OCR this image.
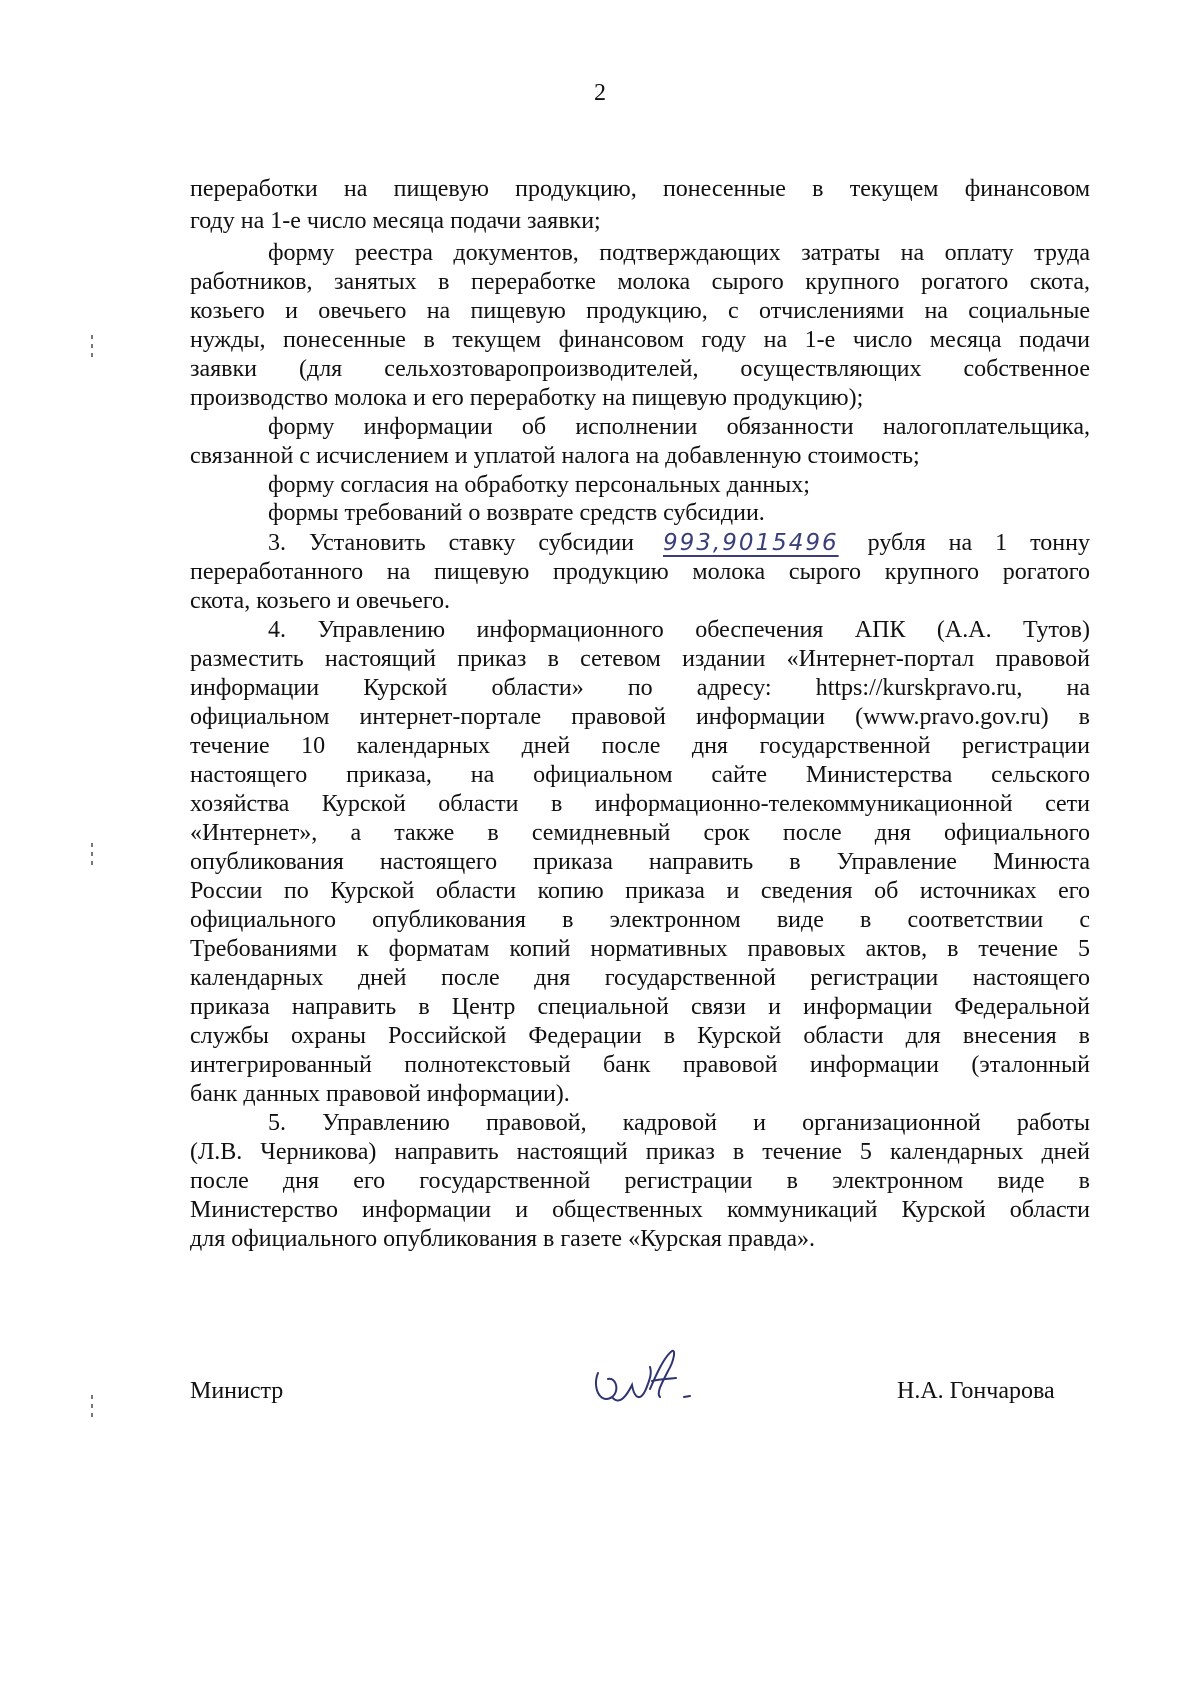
2
переработки на пищевую продукцию, понесенные в текущем финансовом
году на 1-е число месяца подачи заявки;
форму реестра документов, подтверждающих затраты на оплату труда
работников, занятых в переработке молока сырого крупного рогатого скота,
козьего и овечьего на пищевую продукцию, с отчислениями на социальные
нужды, понесенные в текущем финансовом году на 1-е число месяца подачи
заявки (для сельхозтоваропроизводителей, осуществляющих собственное
производство молока и его переработку на пищевую продукцию);
форму информации об исполнении обязанности налогоплательщика,
связанной с исчислением и уплатой налога на добавленную стоимость;
форму согласия на обработку персональных данных;
формы требований о возврате средств субсидии.
3. Установить ставку субсидии 993,9015496 рубля на 1 тонну
переработанного на пищевую продукцию молока сырого крупного рогатого
скота, козьего и овечьего.
4. Управлению информационного обеспечения АПК (А.А. Тутов)
разместить настоящий приказ в сетевом издании «Интернет-портал правовой
информации Курской области» по адресу: https://kurskpravo.ru, на
официальном интернет-портале правовой информации (www.pravo.gov.ru) в
течение 10 календарных дней после дня государственной регистрации
настоящего приказа, на официальном сайте Министерства сельского
хозяйства Курской области в информационно-телекоммуникационной сети
«Интернет», а также в семидневный срок после дня официального
опубликования настоящего приказа направить в Управление Минюста
России по Курской области копию приказа и сведения об источниках его
официального опубликования в электронном виде в соответствии с
Требованиями к форматам копий нормативных правовых актов, в течение 5
календарных дней после дня государственной регистрации настоящего
приказа направить в Центр специальной связи и информации Федеральной
службы охраны Российской Федерации в Курской области для внесения в
интегрированный полнотекстовый банк правовой информации (эталонный
банк данных правовой информации).
5. Управлению правовой, кадровой и организационной работы
(Л.В. Черникова) направить настоящий приказ в течение 5 календарных дней
после дня его государственной регистрации в электронном виде в
Министерство информации и общественных коммуникаций Курской области
для официального опубликования в газете «Курская правда».
Министр	Н.А. Гончарова
